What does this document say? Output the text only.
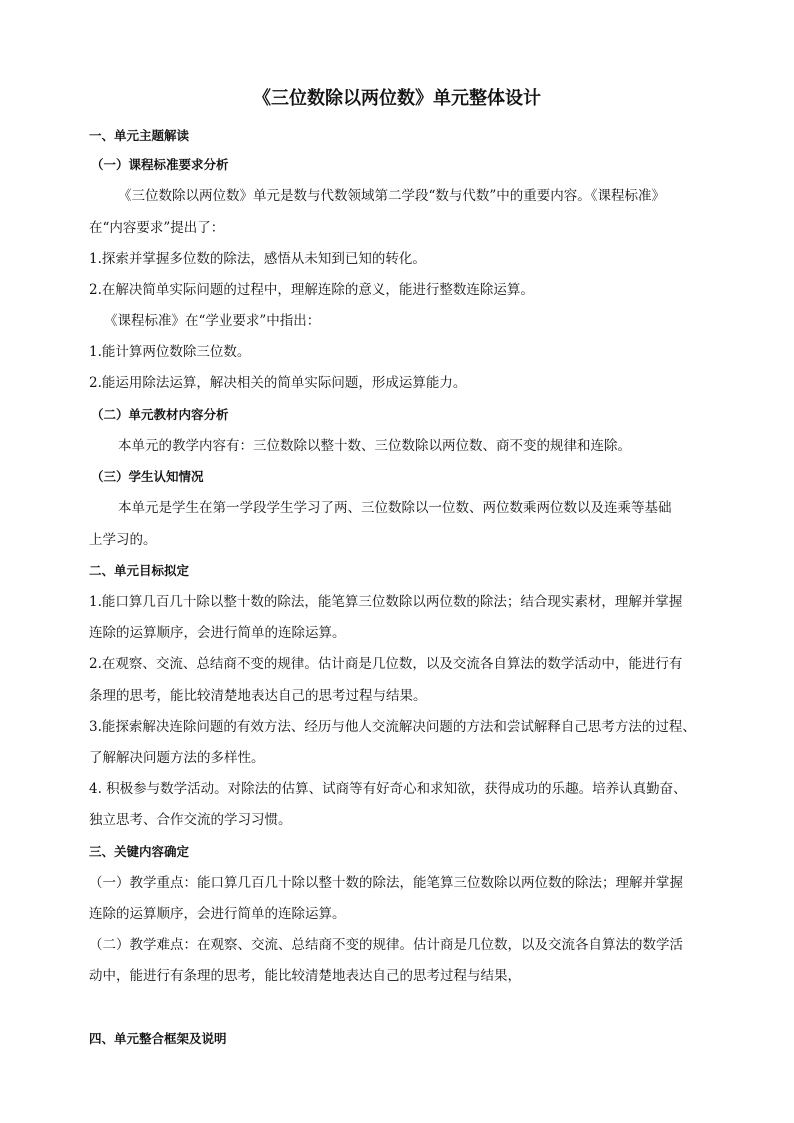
《三位数除以两位数》单元整体设计
一、单元主题解读
（一）课程标准要求分析
《三位数除以两位数》单元是数与代数领域第二学段“数与代数”中的重要内容。《课程标准》
在“内容要求”提出了：
1.探索并掌握多位数的除法，感悟从未知到已知的转化。
2.在解决简单实际问题的过程中，理解连除的意义，能进行整数连除运算。
《课程标准》在“学业要求”中指出：
1.能计算两位数除三位数。
2.能运用除法运算，解决相关的简单实际问题，形成运算能力。
（二）单元教材内容分析
本单元的教学内容有：三位数除以整十数、三位数除以两位数、商不变的规律和连除。
（三）学生认知情况
本单元是学生在第一学段学生学习了两、三位数除以一位数、两位数乘两位数以及连乘等基础
上学习的。
二、单元目标拟定
1.能口算几百几十除以整十数的除法，能笔算三位数除以两位数的除法；结合现实素材，理解并掌握
连除的运算顺序，会进行简单的连除运算。
2.在观察、交流、总结商不变的规律。估计商是几位数，以及交流各自算法的数学活动中，能进行有
条理的思考，能比较清楚地表达自己的思考过程与结果。
3.能探索解决连除问题的有效方法、经历与他人交流解决问题的方法和尝试解释自己思考方法的过程、
了解解决问题方法的多样性。
4. 积极参与数学活动。对除法的估算、试商等有好奇心和求知欲，获得成功的乐趣。培养认真勤奋、
独立思考、合作交流的学习习惯。
三、关键内容确定
（一）教学重点：能口算几百几十除以整十数的除法，能笔算三位数除以两位数的除法；理解并掌握
连除的运算顺序，会进行简单的连除运算。
（二）教学难点：在观察、交流、总结商不变的规律。估计商是几位数，以及交流各自算法的数学活
动中，能进行有条理的思考，能比较清楚地表达自己的思考过程与结果，
四、单元整合框架及说明
